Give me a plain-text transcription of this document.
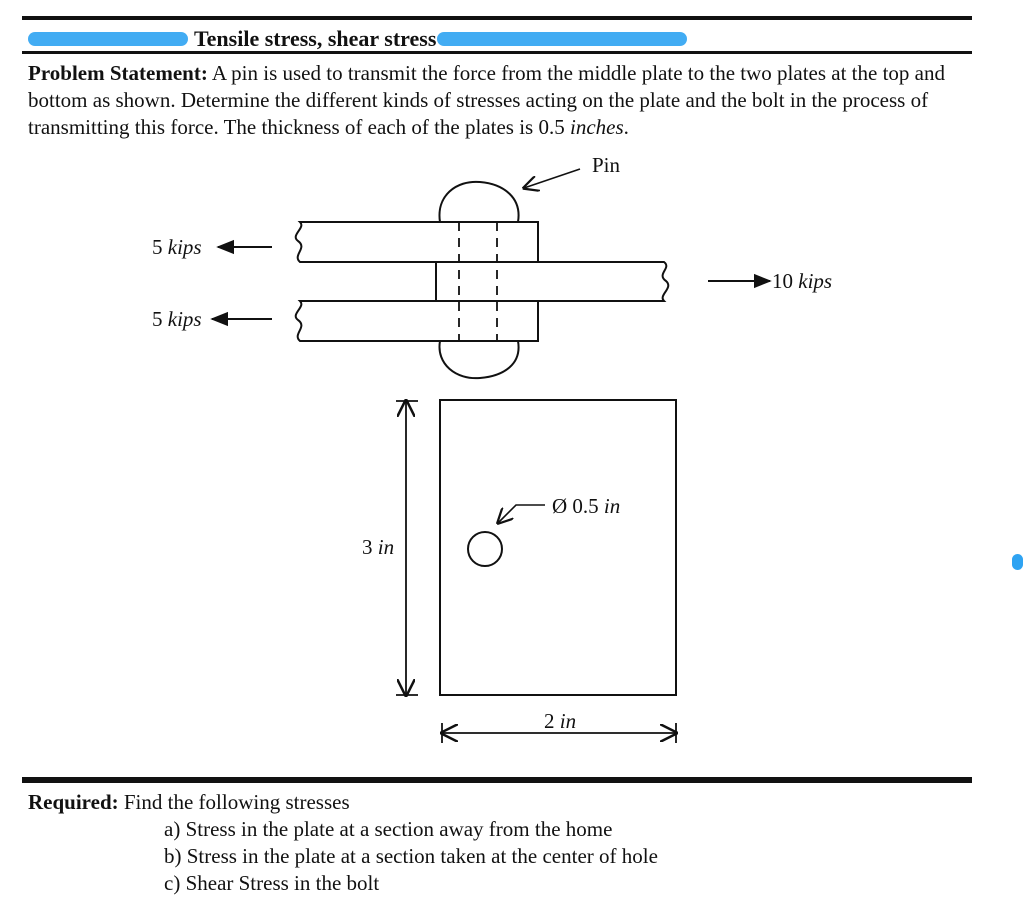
Tensile stress, shear stress
Problem Statement: A pin is used to transmit the force from the middle plate to the two plates at the top and bottom as shown. Determine the different kinds of stresses acting on the plate and the bolt in the process of transmitting this force. The thickness of each of the plates is 0.5 inches.
Pin
5 kips
5 kips
10 kips
Ø 0.5 in
3 in
2 in
Required: Find the following stresses
a) Stress in the plate at a section away from the home
b) Stress in the plate at a section taken at the center of hole
c) Shear Stress in the bolt
